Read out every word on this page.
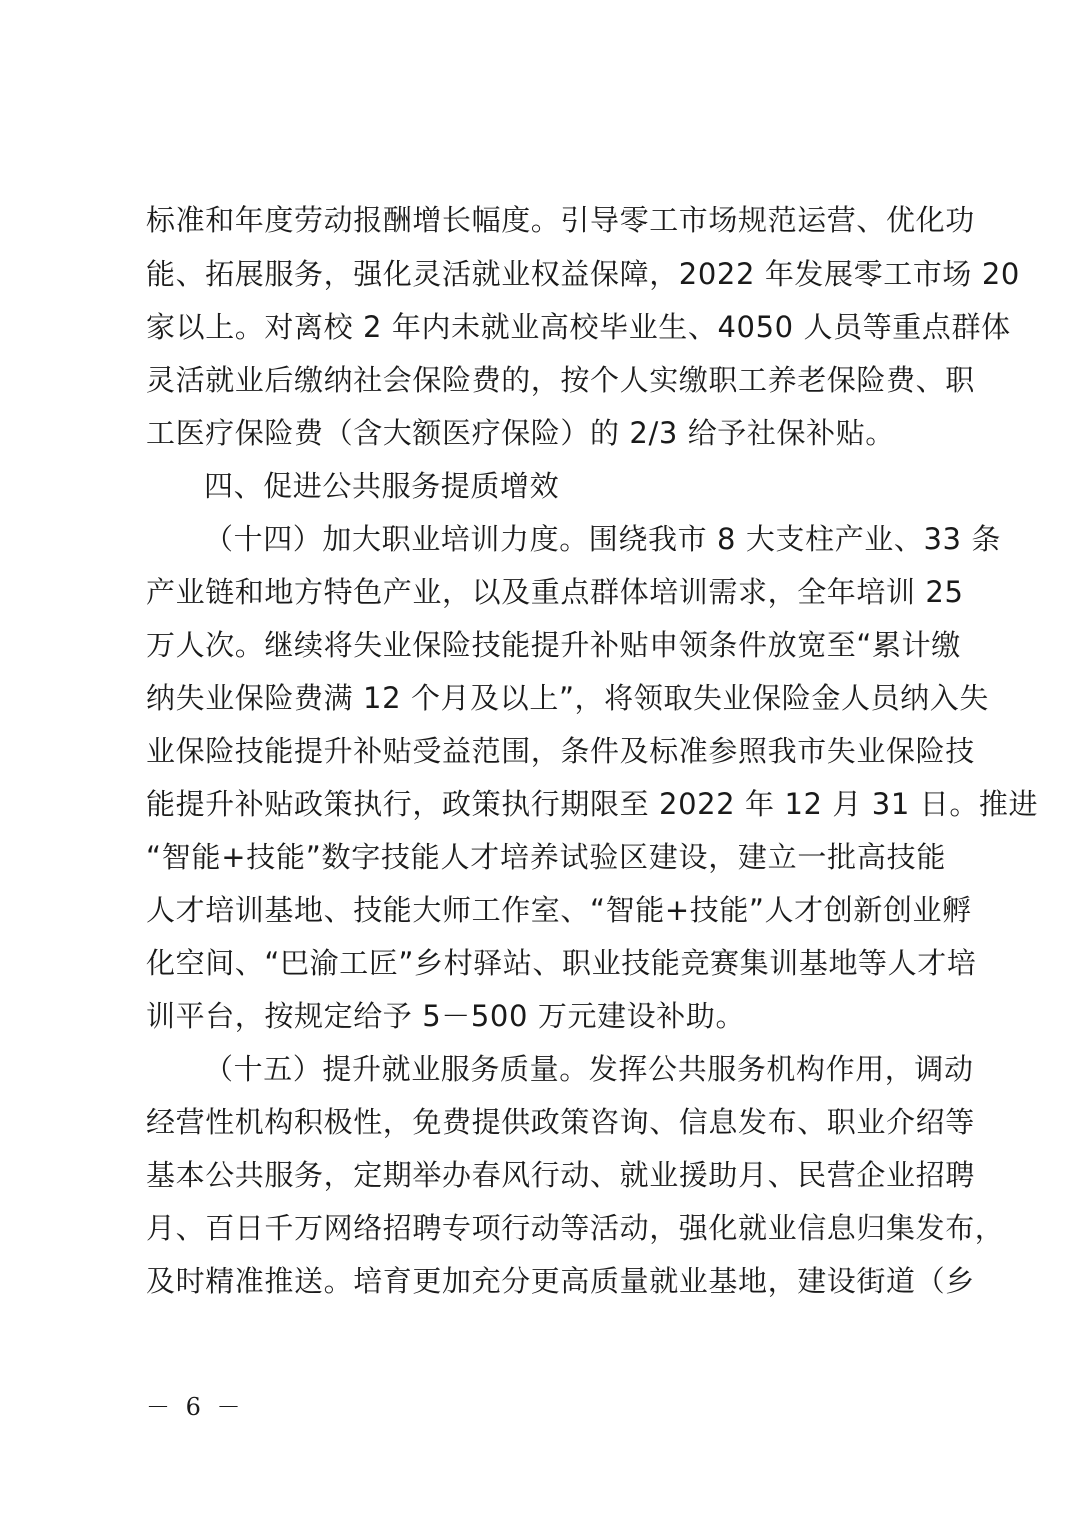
标准和年度劳动报酬增长幅度。引导零工市场规范运营、优化功
能、拓展服务，强化灵活就业权益保障，2022 年发展零工市场 20
家以上。对离校 2 年内未就业高校毕业生、4050 人员等重点群体
灵活就业后缴纳社会保险费的，按个人实缴职工养老保险费、职
工医疗保险费（含大额医疗保险）的 2/3 给予社保补贴。
四、促进公共服务提质增效
（十四）加大职业培训力度。围绕我市 8 大支柱产业、33 条
产业链和地方特色产业，以及重点群体培训需求，全年培训 25
万人次。继续将失业保险技能提升补贴申领条件放宽至“累计缴
纳失业保险费满 12 个月及以上”，将领取失业保险金人员纳入失
业保险技能提升补贴受益范围，条件及标准参照我市失业保险技
能提升补贴政策执行，政策执行期限至 2022 年 12 月 31 日。推进
“智能+技能”数字技能人才培养试验区建设，建立一批高技能
人才培训基地、技能大师工作室、“智能+技能”人才创新创业孵
化空间、“巴渝工匠”乡村驿站、职业技能竞赛集训基地等人才培
训平台，按规定给予 5－500 万元建设补助。
（十五）提升就业服务质量。发挥公共服务机构作用，调动
经营性机构积极性，免费提供政策咨询、信息发布、职业介绍等
基本公共服务，定期举办春风行动、就业援助月、民营企业招聘
月、百日千万网络招聘专项行动等活动，强化就业信息归集发布，
及时精准推送。培育更加充分更高质量就业基地，建设街道（乡
－ 6 －
